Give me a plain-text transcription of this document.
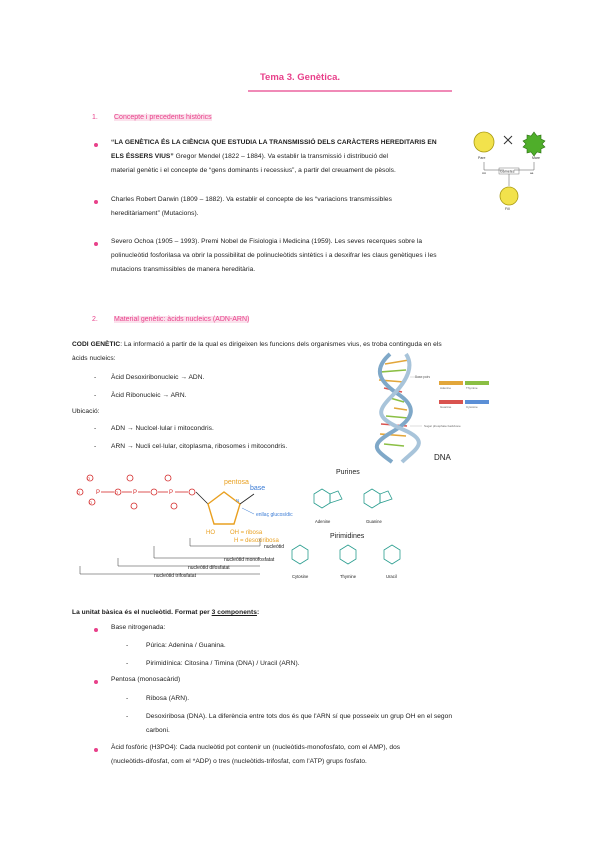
Tema 3. Genètica.
1. Concepte i precedents històrics
“LA GENÈTICA ÉS LA CIÈNCIA QUE ESTUDIA LA TRANSMISSIÓ DELS CARÀCTERS HEREDITARIS EN
ELS ÉSSERS VIUS” Gregor Mendel (1822 – 1884). Va establir la transmissió i distribució del
material genètic i el concepte de “gens dominants i recessius”, a partir del creuament de pèsols.
Charles Robert Darwin (1809 – 1882). Va establir el concepte de les “variacions transmissibles
hereditàriament” (Mutacions).
Severo Ochoa (1905 – 1993). Premi Nobel de Fisiologia i Medicina (1959). Les seves recerques sobre la
polinucleòtid fosforilasa va obrir la possibilitat de polinucleòtids sintètics i a desxifrar les claus genètiques i les
mutacions transmissibles de manera hereditària.
Pare	Mare
AA	aa
Gametes
Fill
2. Material genètic: àcids nucleics (ADN-ARN)
CODI GENÈTIC: La informació a partir de la qual es dirigeixen les funcions dels organismes vius, es troba continguda en els
àcids nucleics:
- Àcid Desoxiribonucleic → ADN.
- Àcid Ribonucleic → ARN.
Ubicació:
- ADN → Nuclcel·lular i mitocondris.
- ARN → Nucli cel·lular, citoplasma, ribosomes i mitocondris.
Base pairs
Adenine	Thymine
Guanine	Cytosine
Sugar phosphate backbone
DNA
O
O
O
P	O P	P
pentosa
HO	OH = ribosa
H = desoxiribosa
N
base
enllaç glucosídic
nucleòtid
nucleòtid monofosfatat
nucleòtid difosfatat
nucleòtid trifosfatat
Purines
Adenine	Guanine
Pirimidines
Cytosine	Thymine	Uracil
La unitat bàsica és el nucleòtid. Format per 3 components:
Base nitrogenada:
-	Púrica: Adenina / Guanina.
-	Pirimidínica: Citosina / Timina (DNA) / Uracil (ARN).
Pentosa (monosacàrid)
-	Ribosa (ARN).
-	Desoxiribosa (DNA). La diferència entre tots dos és que l'ARN sí que posseeix un grup OH en el segon
carboni.
Àcid fosfòric (H3PO4): Cada nucleòtid pot contenir un (nucleòtids-monofosfato, com el AMP), dos
(nucleòtids-difosfat, com el *ADP) o tres (nucleòtids-trifosfat, com l'ATP) grups fosfato.
